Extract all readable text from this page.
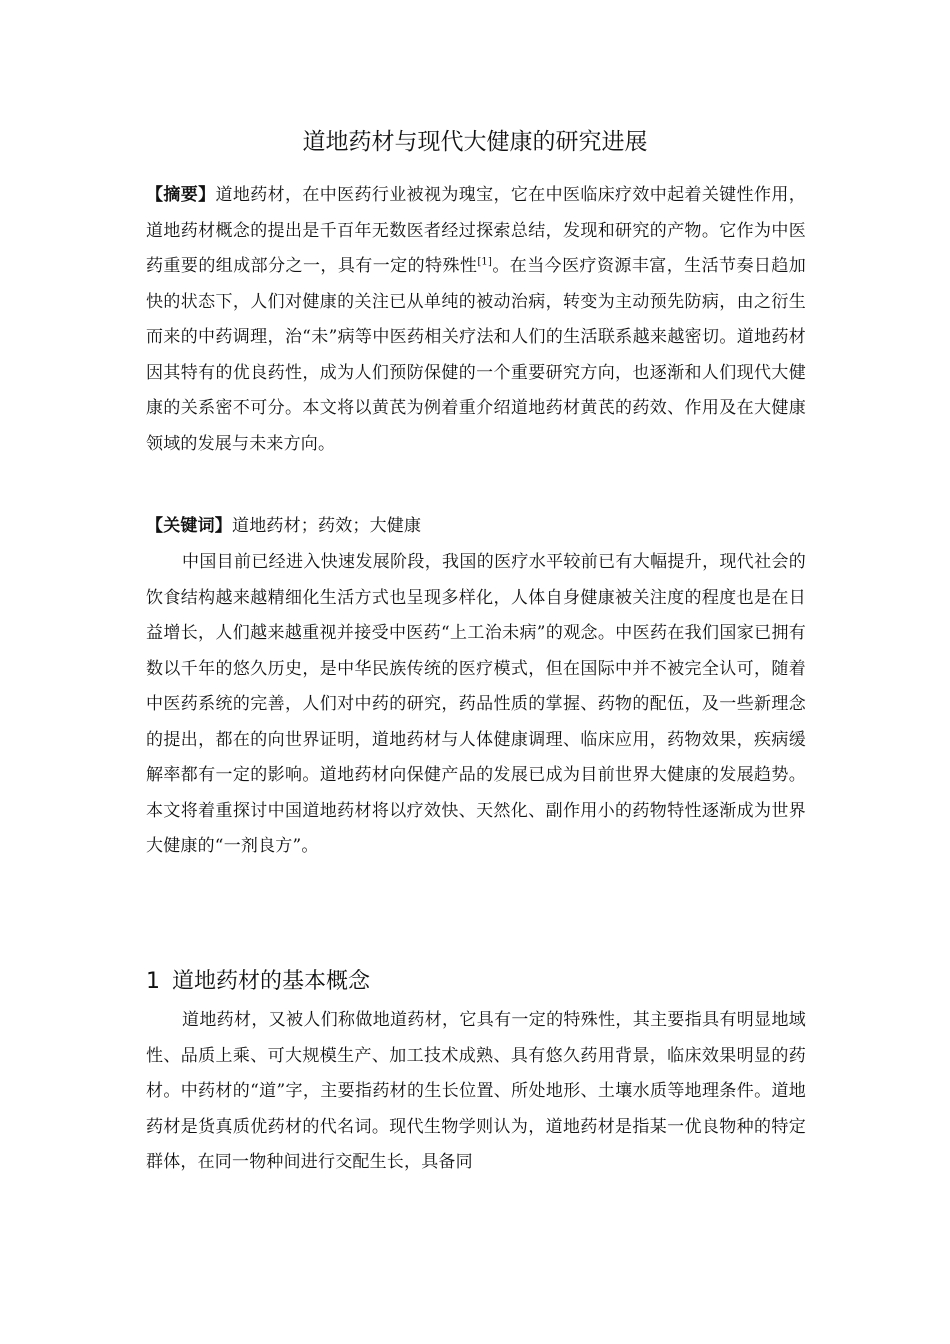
道地药材与现代大健康的研究进展
【摘要】道地药材，在中医药行业被视为瑰宝，它在中医临床疗效中起着关键性作用，道地药材概念的提出是千百年无数医者经过探索总结，发现和研究的产物。它作为中医药重要的组成部分之一，具有一定的特殊性[1]。在当今医疗资源丰富，生活节奏日趋加快的状态下，人们对健康的关注已从单纯的被动治病，转变为主动预先防病，由之衍生而来的中药调理，治“未”病等中医药相关疗法和人们的生活联系越来越密切。道地药材因其特有的优良药性，成为人们预防保健的一个重要研究方向，也逐渐和人们现代大健康的关系密不可分。本文将以黄芪为例着重介绍道地药材黄芪的药效、作用及在大健康领域的发展与未来方向。
【关键词】道地药材；药效；大健康
中国目前已经进入快速发展阶段，我国的医疗水平较前已有大幅提升，现代社会的饮食结构越来越精细化生活方式也呈现多样化，人体自身健康被关注度的程度也是在日益增长，人们越来越重视并接受中医药“上工治未病”的观念。中医药在我们国家已拥有数以千年的悠久历史，是中华民族传统的医疗模式，但在国际中并不被完全认可，随着中医药系统的完善，人们对中药的研究，药品性质的掌握、药物的配伍，及一些新理念的提出，都在的向世界证明，道地药材与人体健康调理、临床应用，药物效果，疾病缓解率都有一定的影响。道地药材向保健产品的发展已成为目前世界大健康的发展趋势。本文将着重探讨中国道地药材将以疗效快、天然化、副作用小的药物特性逐渐成为世界大健康的“一剂良方”。
1 道地药材的基本概念
道地药材，又被人们称做地道药材，它具有一定的特殊性，其主要指具有明显地域性、品质上乘、可大规模生产、加工技术成熟、具有悠久药用背景，临床效果明显的药材。中药材的“道”字，主要指药材的生长位置、所处地形、土壤水质等地理条件。道地药材是货真质优药材的代名词。现代生物学则认为，道地药材是指某一优良物种的特定群体，在同一物种间进行交配生长，具备同
